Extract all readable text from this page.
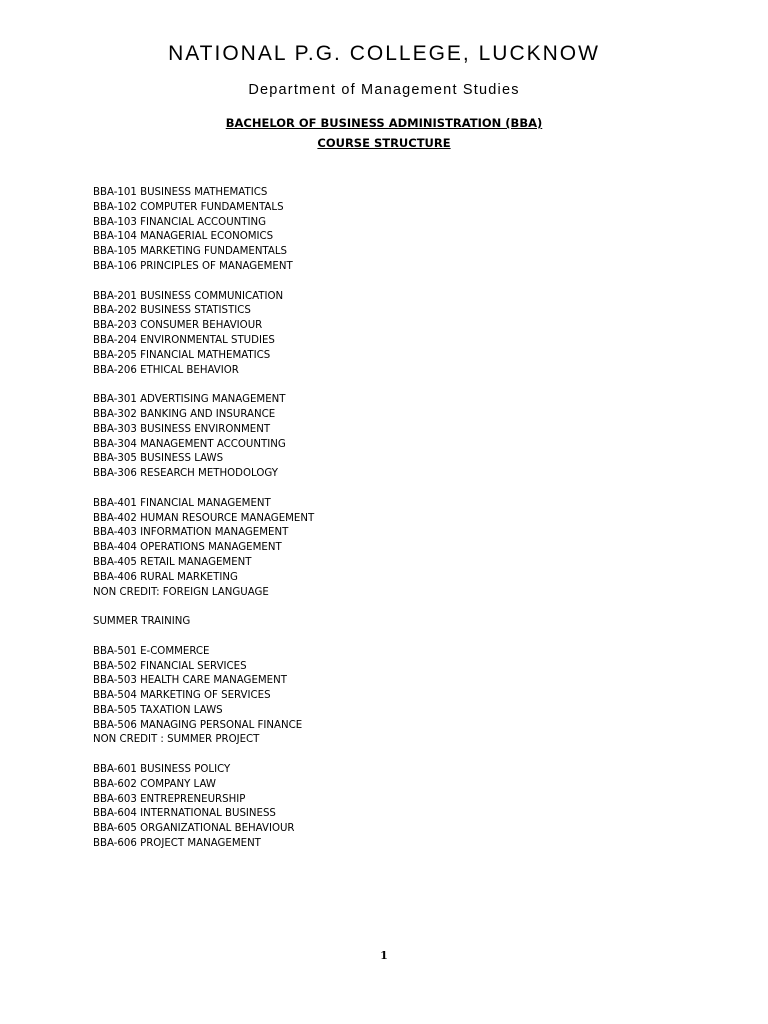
NATIONAL P.G. COLLEGE, LUCKNOW
Department of Management Studies
BACHELOR OF BUSINESS ADMINISTRATION (BBA)
COURSE STRUCTURE
BBA-101 BUSINESS MATHEMATICS
BBA-102 COMPUTER FUNDAMENTALS
BBA-103 FINANCIAL ACCOUNTING
BBA-104 MANAGERIAL ECONOMICS
BBA-105 MARKETING FUNDAMENTALS
BBA-106 PRINCIPLES OF MANAGEMENT
BBA-201 BUSINESS COMMUNICATION
BBA-202 BUSINESS STATISTICS
BBA-203 CONSUMER BEHAVIOUR
BBA-204 ENVIRONMENTAL STUDIES
BBA-205 FINANCIAL MATHEMATICS
BBA-206 ETHICAL BEHAVIOR
BBA-301 ADVERTISING MANAGEMENT
BBA-302 BANKING AND INSURANCE
BBA-303 BUSINESS ENVIRONMENT
BBA-304 MANAGEMENT ACCOUNTING
BBA-305 BUSINESS LAWS
BBA-306 RESEARCH METHODOLOGY
BBA-401 FINANCIAL MANAGEMENT
BBA-402 HUMAN RESOURCE MANAGEMENT
BBA-403 INFORMATION MANAGEMENT
BBA-404 OPERATIONS MANAGEMENT
BBA-405 RETAIL MANAGEMENT
BBA-406 RURAL MARKETING
NON CREDIT: FOREIGN LANGUAGE
SUMMER TRAINING
BBA-501 E-COMMERCE
BBA-502 FINANCIAL SERVICES
BBA-503 HEALTH CARE MANAGEMENT
BBA-504 MARKETING OF SERVICES
BBA-505 TAXATION LAWS
BBA-506 MANAGING PERSONAL FINANCE
NON CREDIT : SUMMER PROJECT
BBA-601 BUSINESS POLICY
BBA-602 COMPANY LAW
BBA-603 ENTREPRENEURSHIP
BBA-604 INTERNATIONAL BUSINESS
BBA-605 ORGANIZATIONAL BEHAVIOUR
BBA-606 PROJECT MANAGEMENT
1
